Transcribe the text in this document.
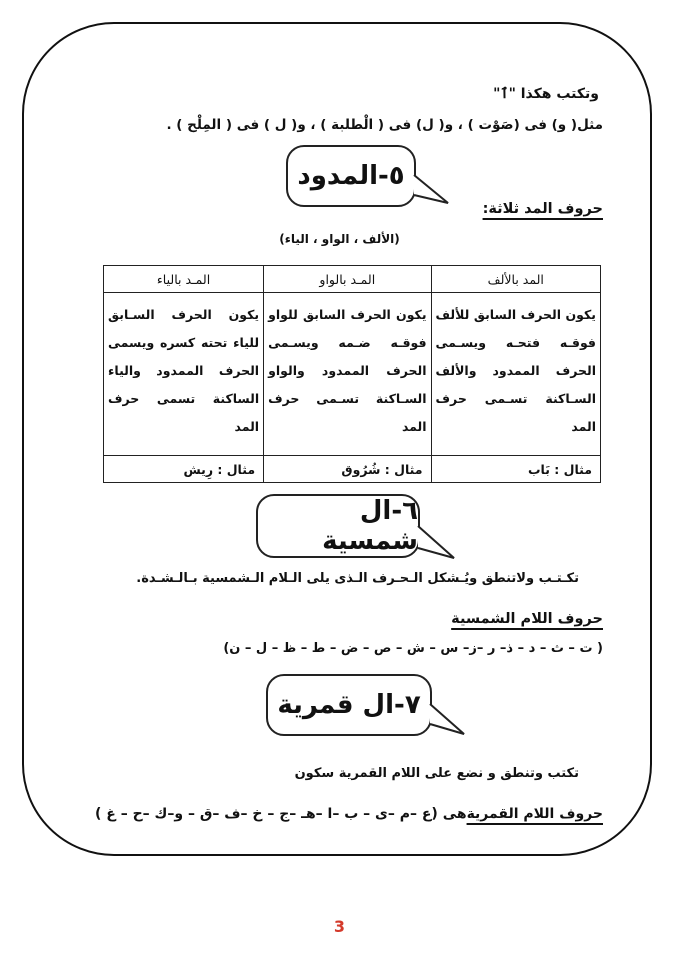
وتكتب هكذا "ٱ"
مثل( و) فى (صَوْت ) ، و( ل) فى ( الْطلبة ) ، و( ل ) فى ( المِلْح ) .
٥-المدود
حروف المد ثلاثة:
(الألف ، الواو ، الياء)
المد بالألف	المـد بالواو	المـد بالياء
يكون الحرف السابق للألف فوقـه فتحـه ويسـمى الحرف الممدود والألف السـاكنة تسـمى حرف المد	يكون الحرف السابق للواو فوقـه ضـمه ويسـمى الحرف الممدود والواو السـاكنة تسـمى حرف المد	يكون الحرف السـابق للياء تحته كسره ويسمى الحرف الممدود والياء الساكنة تسمى حرف المد
مثال : بَاب	مثال : شُرُوق	مثال : رِيش
٦-ال شمسية
تكـتـب ولاتنطق ويُـشكل الـحـرف الـذى يلى الـلام الـشمسية بـالـشـدة.
حروف اللام الشمسية
( ت – ث – د – ذ– ر –ز– س – ش – ص – ض – ط – ظ – ل – ن)
٧-ال قمرية
تكتب وتنطق و نضع على اللام القمرية سكون
حروف اللام القمريةهى (ع –م –ى – ب –ا –هـ –ج – خ –ف –ق – و–ك –ح – غ )
3
